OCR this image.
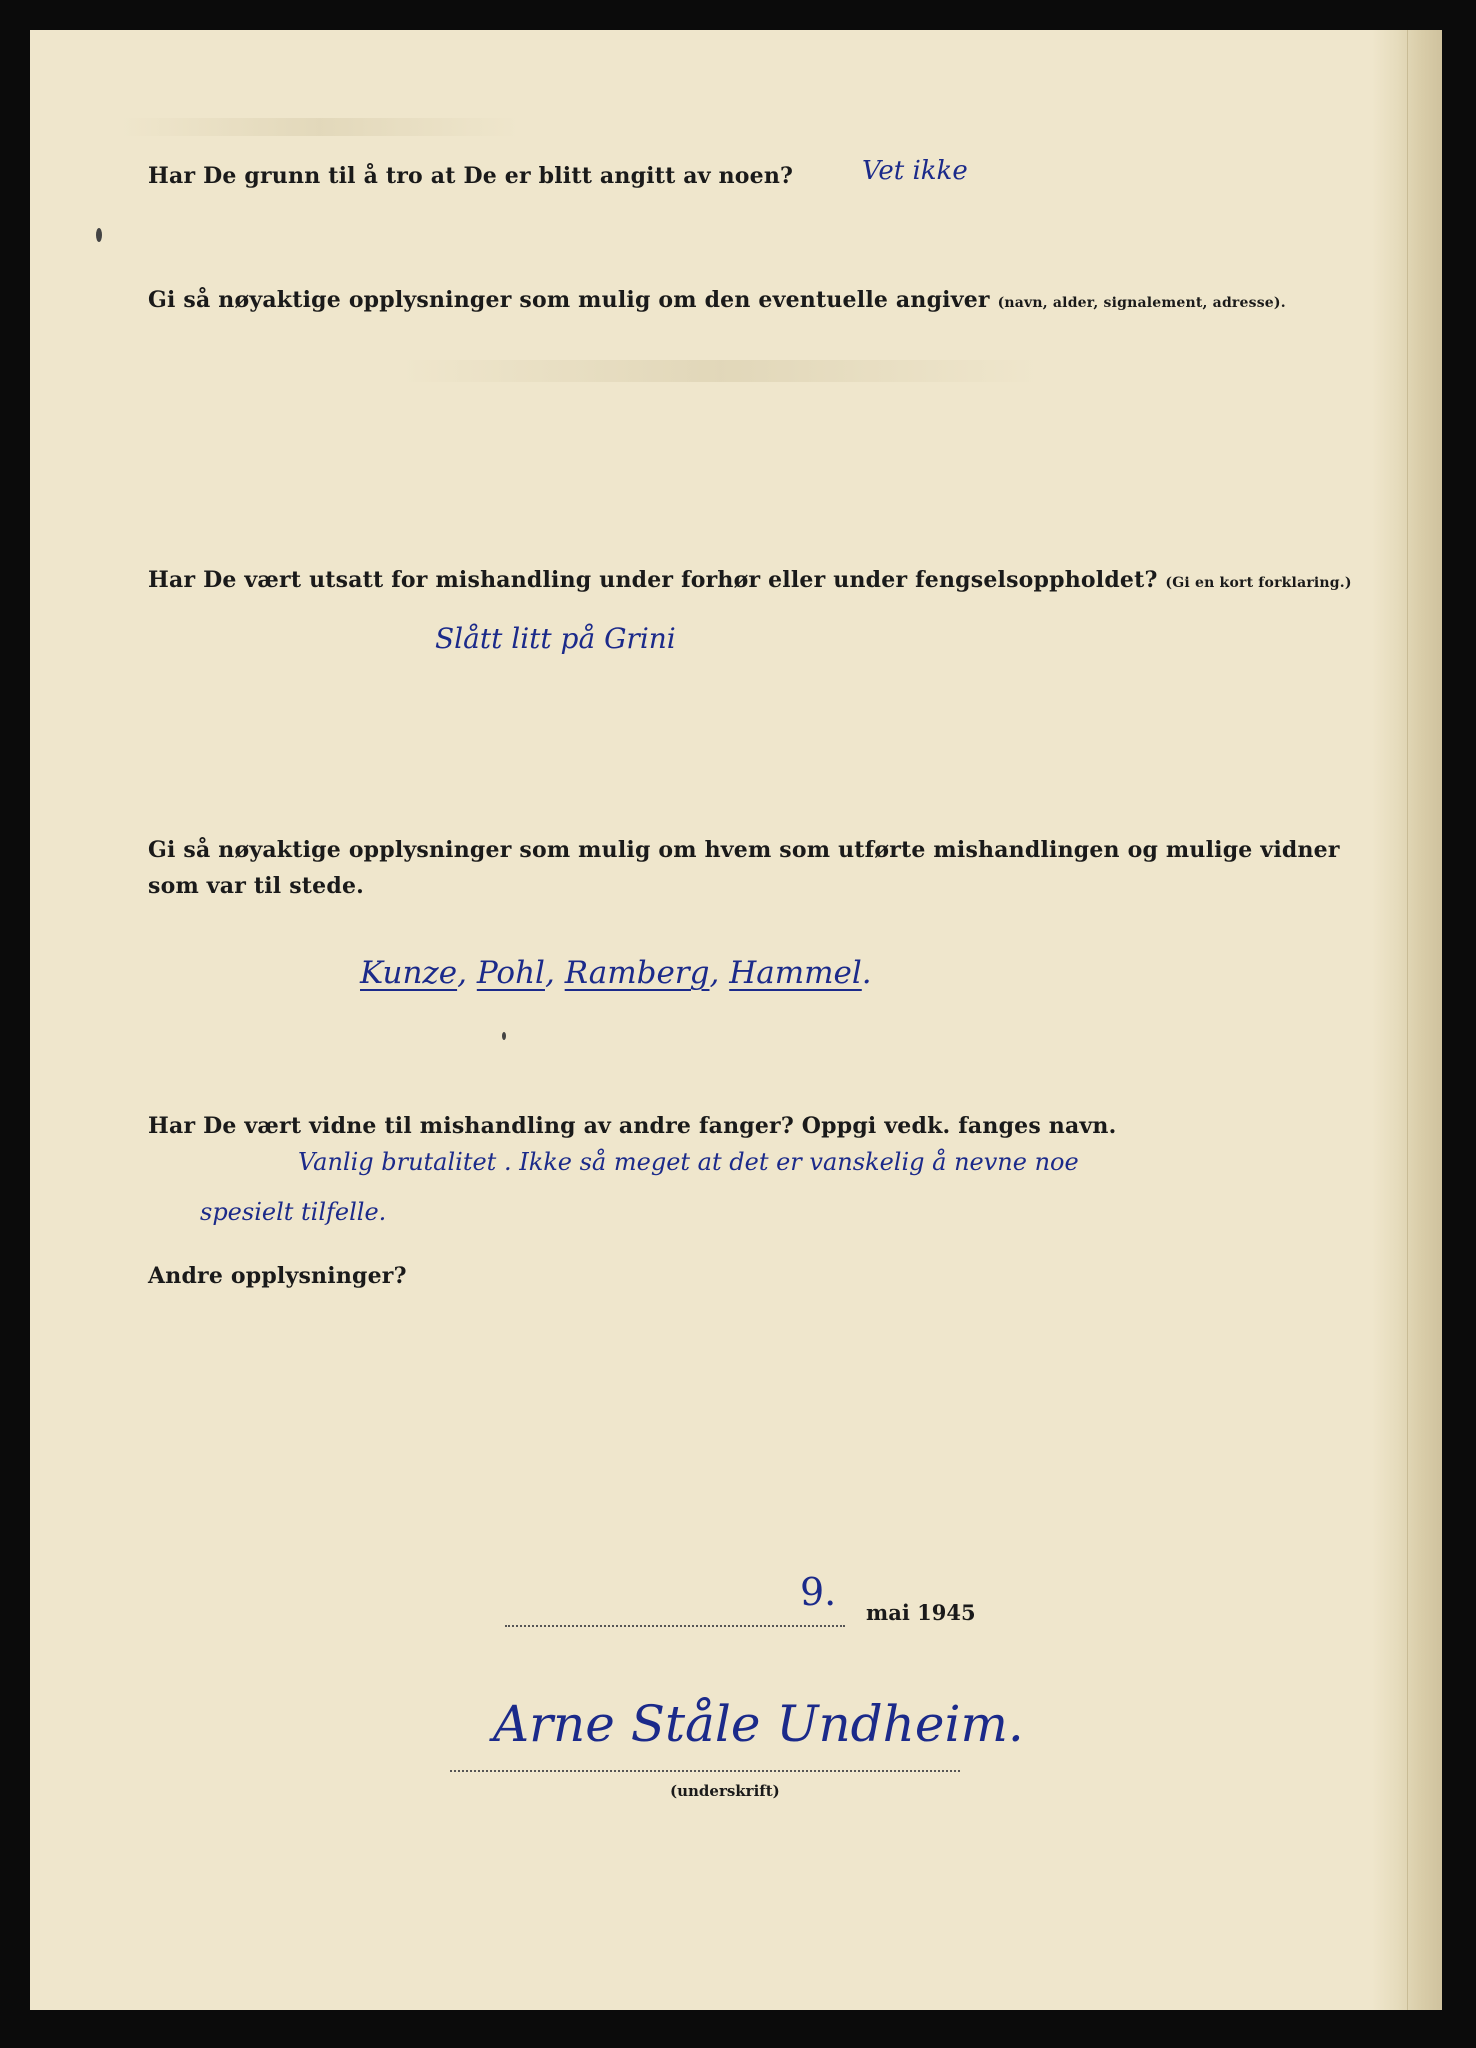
Har De grunn til å tro at De er blitt angitt av noen?	Vet ikke
Gi så nøyaktige opplysninger som mulig om den eventuelle angiver (navn, alder, signalement, adresse).
Har De vært utsatt for mishandling under forhør eller under fengselsoppholdet? (Gi en kort forklaring.)
Slått litt på Grini
Gi så nøyaktige opplysninger som mulig om hvem som utførte mishandlingen og mulige vidner
som var til stede.
Kunze, Pohl, Ramberg, Hammel.
Har De vært vidne til mishandling av andre fanger? Oppgi vedk. fanges navn.
Vanlig brutalitet . Ikke så meget at det er vanskelig å nevne noe
spesielt tilfelle.
Andre opplysninger?
9. mai 1945
Arne Ståle Undheim.
(underskrift)
